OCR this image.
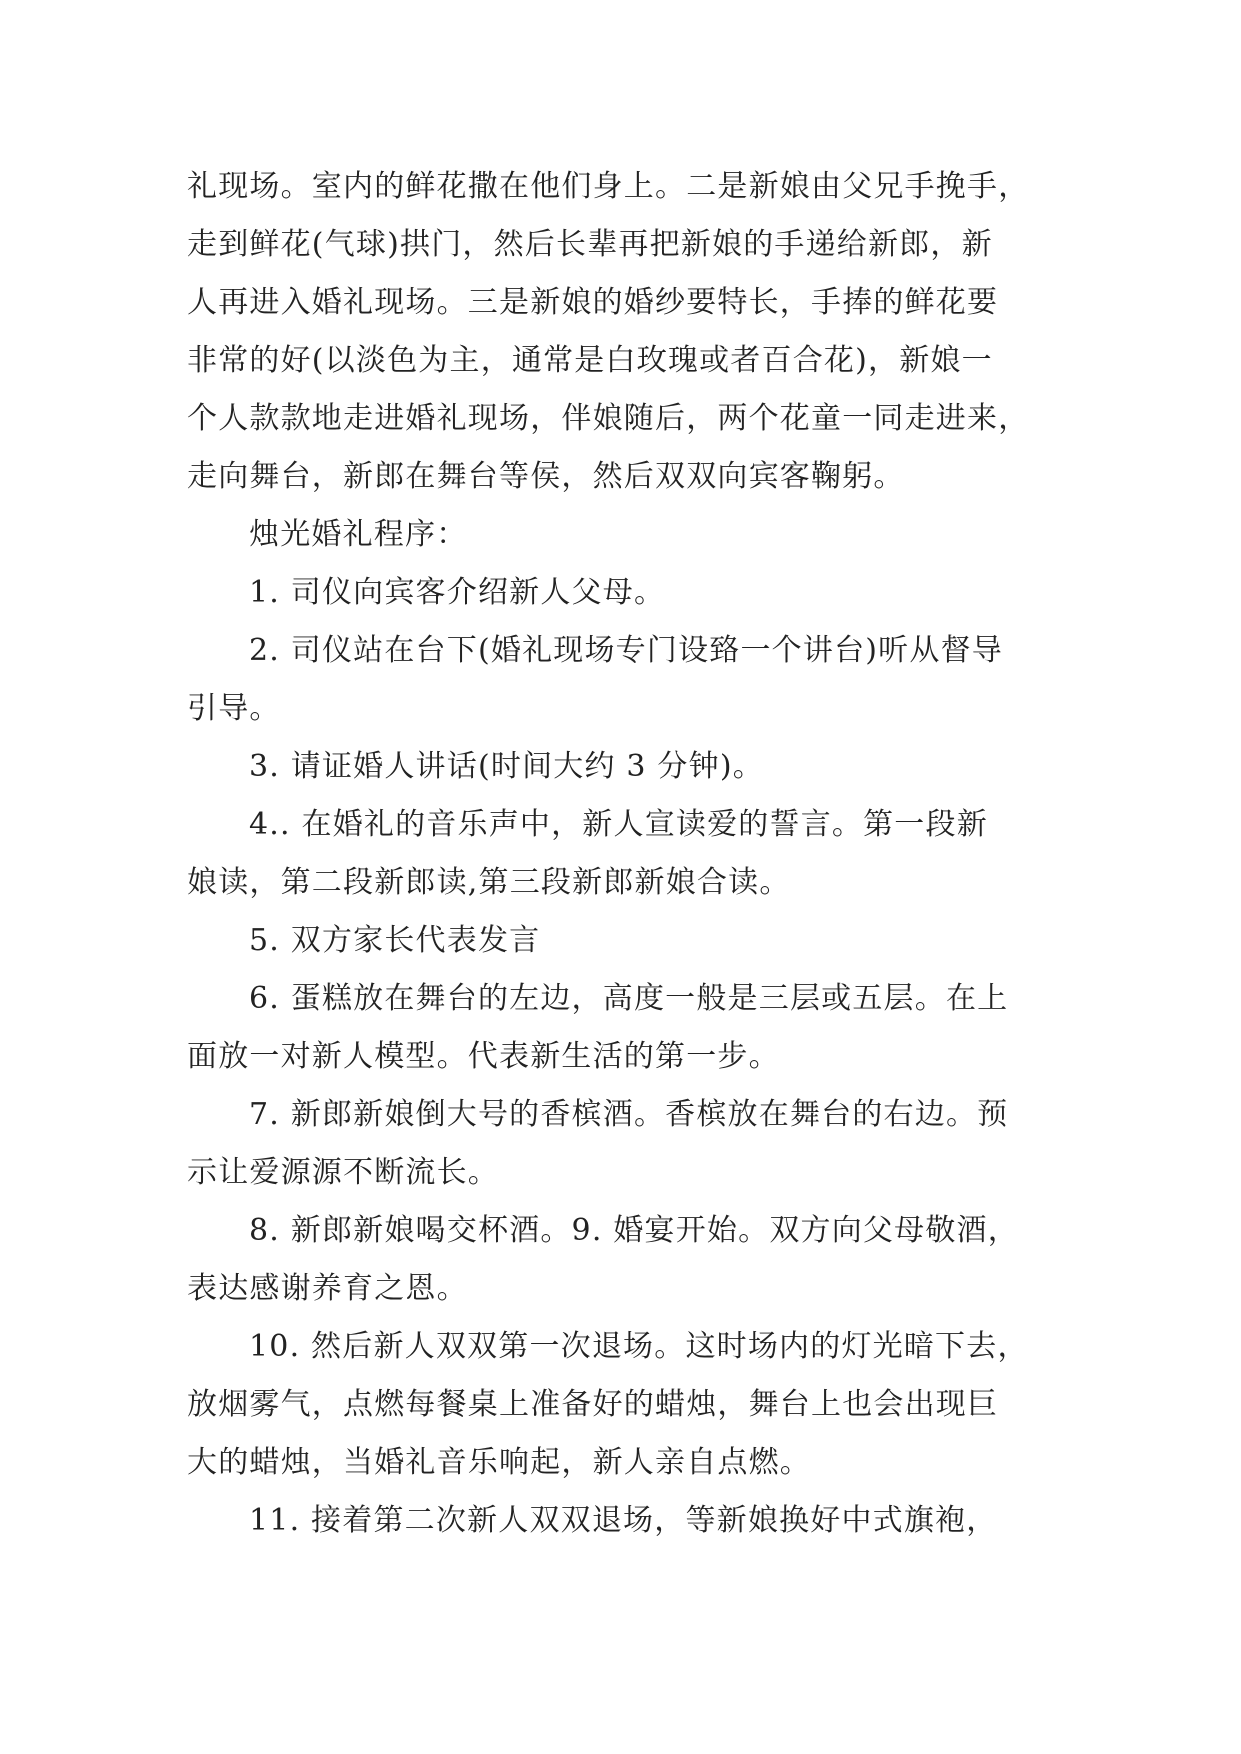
礼现场。室内的鲜花撒在他们身上。二是新娘由父兄手挽手，
走到鲜花(气球)拱门，然后长辈再把新娘的手递给新郎，新
人再进入婚礼现场。三是新娘的婚纱要特长，手捧的鲜花要
非常的好(以淡色为主，通常是白玫瑰或者百合花)，新娘一
个人款款地走进婚礼现场，伴娘随后，两个花童一同走进来，
走向舞台，新郎在舞台等侯，然后双双向宾客鞠躬。
烛光婚礼程序：
1. 司仪向宾客介绍新人父母。
2. 司仪站在台下(婚礼现场专门设臵一个讲台)听从督导
引导。
3. 请证婚人讲话(时间大约 3 分钟)。
4.. 在婚礼的音乐声中，新人宣读爱的誓言。第一段新
娘读，第二段新郎读,第三段新郎新娘合读。
5. 双方家长代表发言
6. 蛋糕放在舞台的左边，高度一般是三层或五层。在上
面放一对新人模型。代表新生活的第一步。
7. 新郎新娘倒大号的香槟酒。香槟放在舞台的右边。预
示让爱源源不断流长。
8. 新郎新娘喝交杯酒。9. 婚宴开始。双方向父母敬酒，
表达感谢养育之恩。
10. 然后新人双双第一次退场。这时场内的灯光暗下去，
放烟雾气，点燃每餐桌上准备好的蜡烛，舞台上也会出现巨
大的蜡烛，当婚礼音乐响起，新人亲自点燃。
11. 接着第二次新人双双退场，等新娘换好中式旗袍，
